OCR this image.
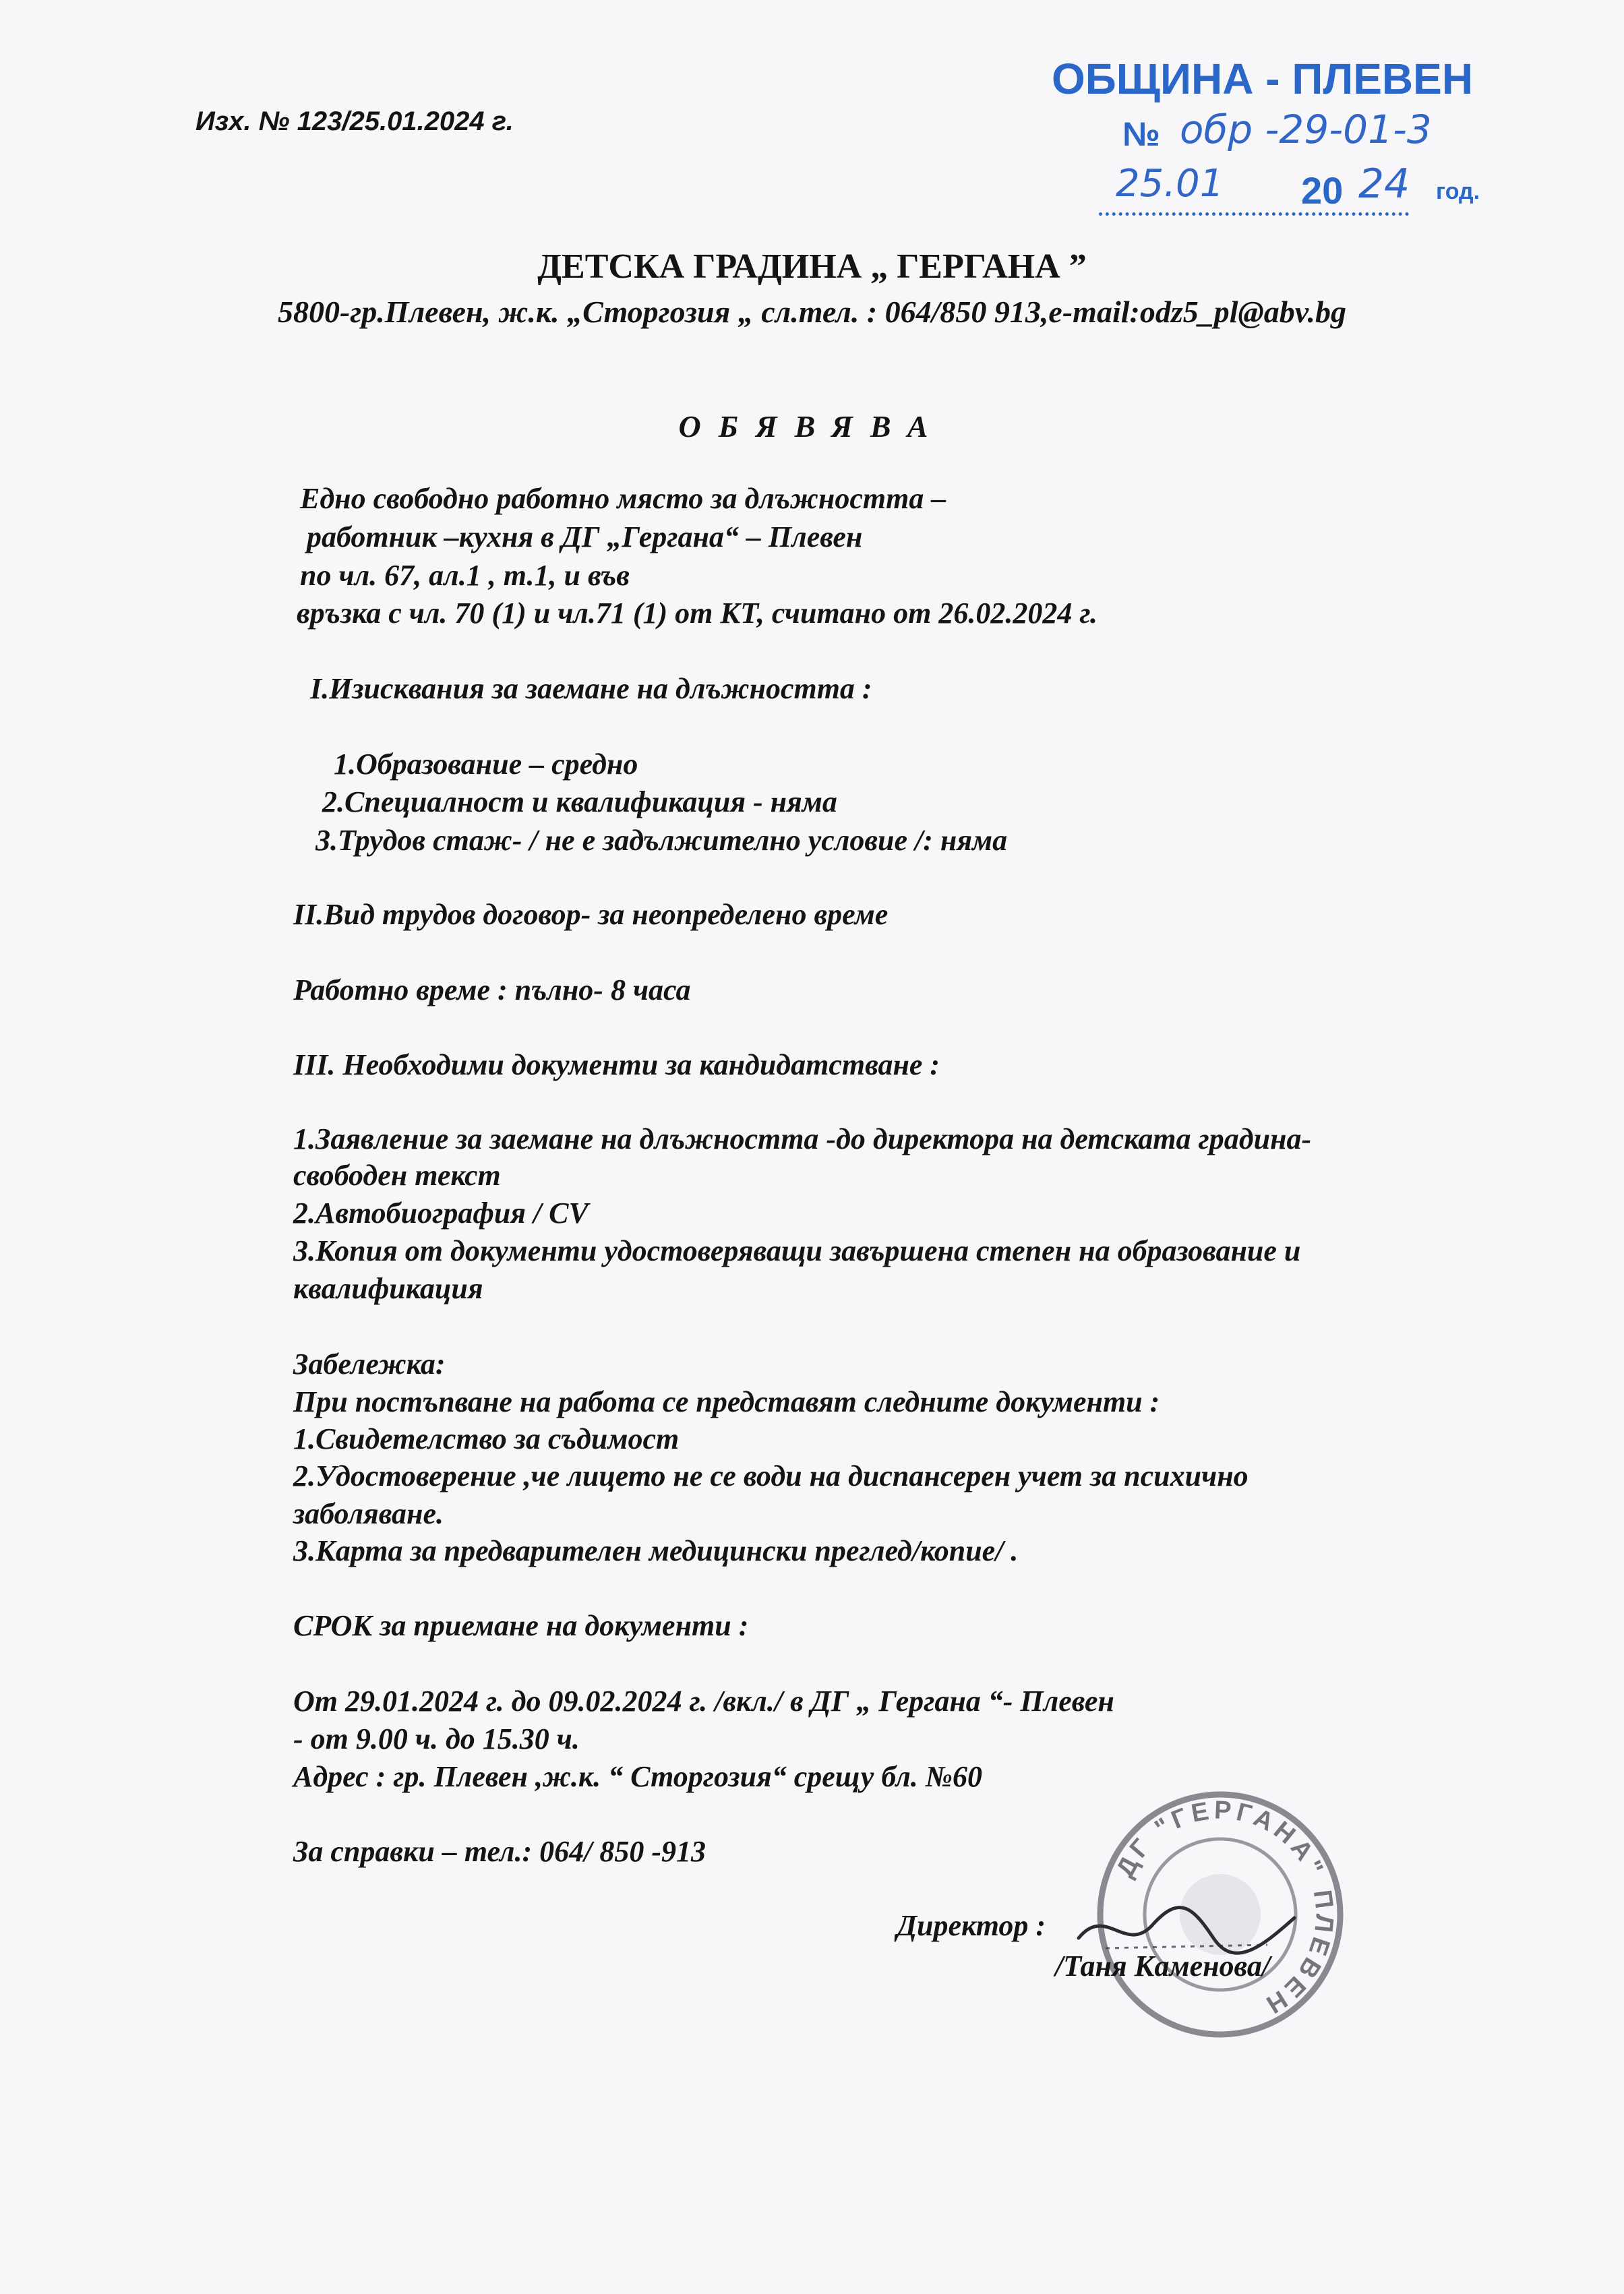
Изх. № 123/25.01.2024 г.
ОБЩИНА - ПЛЕВЕН
№ обр -29-01-3
25.01 20 24 год.
ДЕТСКА ГРАДИНА „ ГЕРГАНА ”
5800-гр.Плевен, ж.к. „Сторгозия „ сл.тел. : 064/850 913,e-mail:odz5_pl@abv.bg
ОБЯВЯВА
Едно свободно работно място за длъжността –
работник –кухня в ДГ „Гергана“ – Плевен
по чл. 67, ал.1 , т.1, и във
връзка с чл. 70 (1) и чл.71 (1) от КТ, считано от 26.02.2024 г.
I.Изисквания за заемане на длъжността :
1.Образование – средно
2.Специалност и квалификация - няма
3.Трудов стаж- / не е задължително условие /: няма
II.Вид трудов договор- за неопределено време
Работно време : пълно- 8 часа
III. Необходими документи за кандидатстване :
1.Заявление за заемане на длъжността -до директора на детската градина-
свободен текст
2.Автобиография / CV
3.Копия от документи удостоверяващи завършена степен на образование и
квалификация
Забележка:
При постъпване на работа се представят следните документи :
1.Свидетелство за съдимост
2.Удостоверение ,че лицето не се води на диспансерен учет за психично
заболяване.
3.Карта за предварителен медицински преглед/копие/ .
СРОК за приемане на документи :
От 29.01.2024 г. до 09.02.2024 г. /вкл./ в ДГ „ Гергана “- Плевен
- от 9.00 ч. до 15.30 ч.
Адрес : гр. Плевен ,ж.к. “ Сторгозия“ срещу бл. №60
За справки – тел.: 064/ 850 -913	ДГ "ГЕРГАНА" ПЛЕВЕН
Директор :
/Таня Каменова/
